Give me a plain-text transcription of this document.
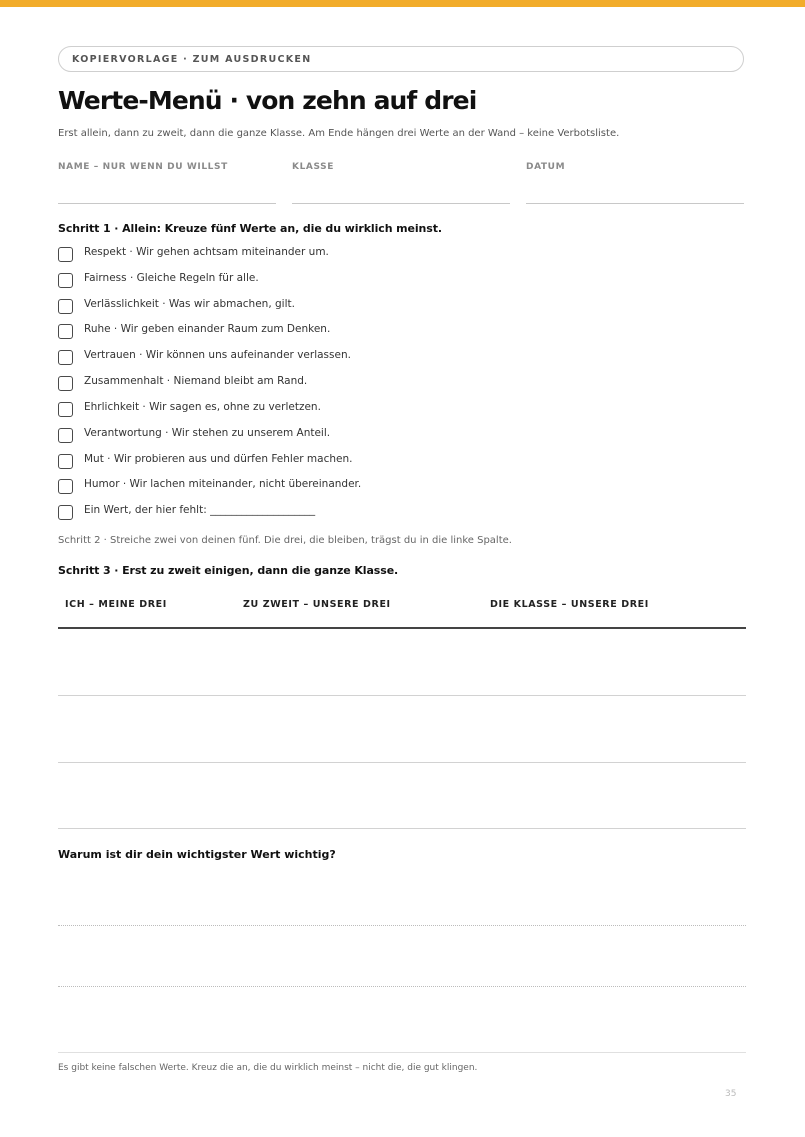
KOPIERVORLAGE · ZUM AUSDRUCKEN
Werte-Menü · von zehn auf drei
Erst allein, dann zu zweit, dann die ganze Klasse. Am Ende hängen drei Werte an der Wand – keine Verbotsliste.
NAME – NUR WENN DU WILLST	KLASSE	DATUM
Schritt 1 · Allein: Kreuze fünf Werte an, die du wirklich meinst.
Respekt · Wir gehen achtsam miteinander um.
Fairness · Gleiche Regeln für alle.
Verlässlichkeit · Was wir abmachen, gilt.
Ruhe · Wir geben einander Raum zum Denken.
Vertrauen · Wir können uns aufeinander verlassen.
Zusammenhalt · Niemand bleibt am Rand.
Ehrlichkeit · Wir sagen es, ohne zu verletzen.
Verantwortung · Wir stehen zu unserem Anteil.
Mut · Wir probieren aus und dürfen Fehler machen.
Humor · Wir lachen miteinander, nicht übereinander.
Ein Wert, der hier fehlt: ____________________
Schritt 2 · Streiche zwei von deinen fünf. Die drei, die bleiben, trägst du in die linke Spalte.
Schritt 3 · Erst zu zweit einigen, dann die ganze Klasse.
ICH – MEINE DREI	ZU ZWEIT – UNSERE DREI	DIE KLASSE – UNSERE DREI
Warum ist dir dein wichtigster Wert wichtig?
Es gibt keine falschen Werte. Kreuz die an, die du wirklich meinst – nicht die, die gut klingen.
35
